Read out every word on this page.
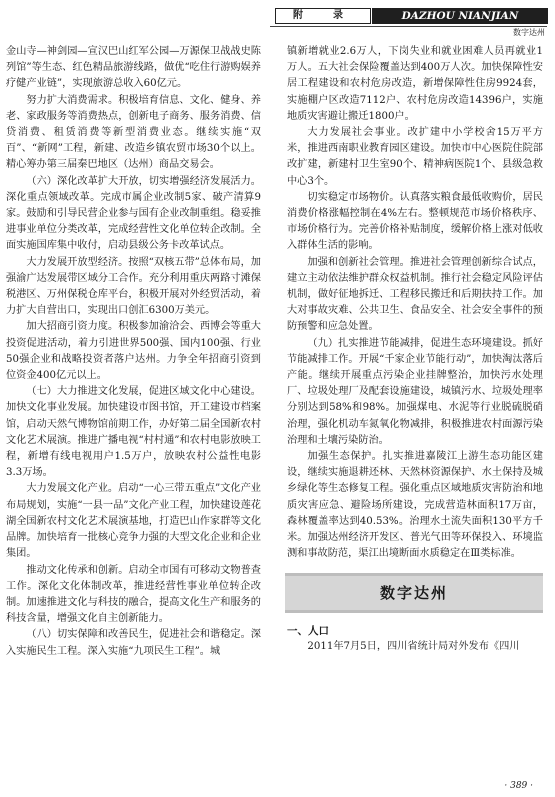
附　录	DAZHOU NIANJIAN
数字达州

金山寺—神剑园—宣汉巴山红军公园—万源保卫战战史陈列馆”等生态、红色精品旅游线路，做优“吃住行游购娱养疗健产业链”，实现旅游总收入60亿元。

努力扩大消费需求。积极培育信息、文化、健身、养老、家政服务等消费热点，创新电子商务、服务消费、信贷消费、租赁消费等新型消费业态。继续实施“双百”、“新网”工程，新建、改造乡镇农贸市场30个以上。精心筹办第三届秦巴地区（达州）商品交易会。

（六）深化改革扩大开放，切实增强经济发展活力。深化重点领域改革。完成市属企业改制5家、破产清算9家。鼓励和引导民营企业参与国有企业改制重组。稳妥推进事业单位分类改革，完成经营性文化单位转企改制。全面实施国库集中收付，启动县级公务卡改革试点。

大力发展开放型经济。按照“双核五带”总体布局，加强渝广达发展带区域分工合作。充分利用重庆两路寸滩保税港区、万州保税仓库平台，积极开展对外经贸活动，着力扩大自营出口，实现出口创汇6300万美元。

加大招商引资力度。积极参加渝洽会、西博会等重大投资促进活动，着力引进世界500强、国内100强、行业50强企业和战略投资者落户达州。力争全年招商引资到位资金400亿元以上。

（七）大力推进文化发展，促进区域文化中心建设。加快文化事业发展。加快建设市图书馆，开工建设市档案馆，启动天然气博物馆前期工作，办好第二届全国新农村文化艺术展演。推进广播电视“村村通”和农村电影放映工程，新增有线电视用户1.5万户，放映农村公益性电影3.3万场。

大力发展文化产业。启动“一心三带五重点”文化产业布局规划，实施“一县一品”文化产业工程，加快建设莲花湖全国新农村文化艺术展演基地，打造巴山作家群等文化品牌。加快培育一批核心竞争力强的大型文化企业和企业集团。

推动文化传承和创新。启动全市国有可移动文物普查工作。深化文化体制改革，推进经营性事业单位转企改制。加速推进文化与科技的融合，提高文化生产和服务的科技含量，增强文化自主创新能力。

（八）切实保障和改善民生，促进社会和谐稳定。深入实施民生工程。深入实施“九项民生工程”。城

镇新增就业2.6万人，下岗失业和就业困难人员再就业1万人。五大社会保险覆盖达到400万人次。加快保障性安居工程建设和农村危房改造，新增保障性住房9924套，实施棚户区改造7112户、农村危房改造14396户，实施地质灾害避让搬迁1800户。

大力发展社会事业。改扩建中小学校舍15万平方米，推进西南职业教育园区建设。加快市中心医院住院部改扩建，新建村卫生室90个、精神病医院1个、县级急救中心3个。

切实稳定市场物价。认真落实粮食最低收购价，居民消费价格涨幅控制在4%左右。整顿规范市场价格秩序、市场价格行为。完善价格补贴制度，缓解价格上涨对低收入群体生活的影响。

加强和创新社会管理。推进社会管理创新综合试点，建立主动依法维护群众权益机制。推行社会稳定风险评估机制，做好征地拆迁、工程移民搬迁和后期扶持工作。加大对事故灾难、公共卫生、食品安全、社会安全事件的预防预警和应急处置。

（九）扎实推进节能减排，促进生态环境建设。抓好节能减排工作。开展“千家企业节能行动”，加快淘汰落后产能。继续开展重点污染企业挂牌整治，加快污水处理厂、垃圾处理厂及配套设施建设，城镇污水、垃圾处理率分别达到58%和98%。加强煤电、水泥等行业脱硫脱硝治理，强化机动车氮氧化物减排，积极推进农村面源污染治理和土壤污染防治。

加强生态保护。扎实推进嘉陵江上游生态功能区建设，继续实施退耕还林、天然林资源保护、水土保持及城乡绿化等生态修复工程。强化重点区域地质灾害防治和地质灾害应急、避险场所建设，完成营造林面积17万亩，森林覆盖率达到40.53%。治理水土流失面积130平方千米。加强达州经济开发区、普光气田等环保投入、环境监测和事故防范，渠江出境断面水质稳定在Ⅲ类标准。

数字达州

一、人口

2011年7月5日，四川省统计局对外发布《四川

· 389 ·
